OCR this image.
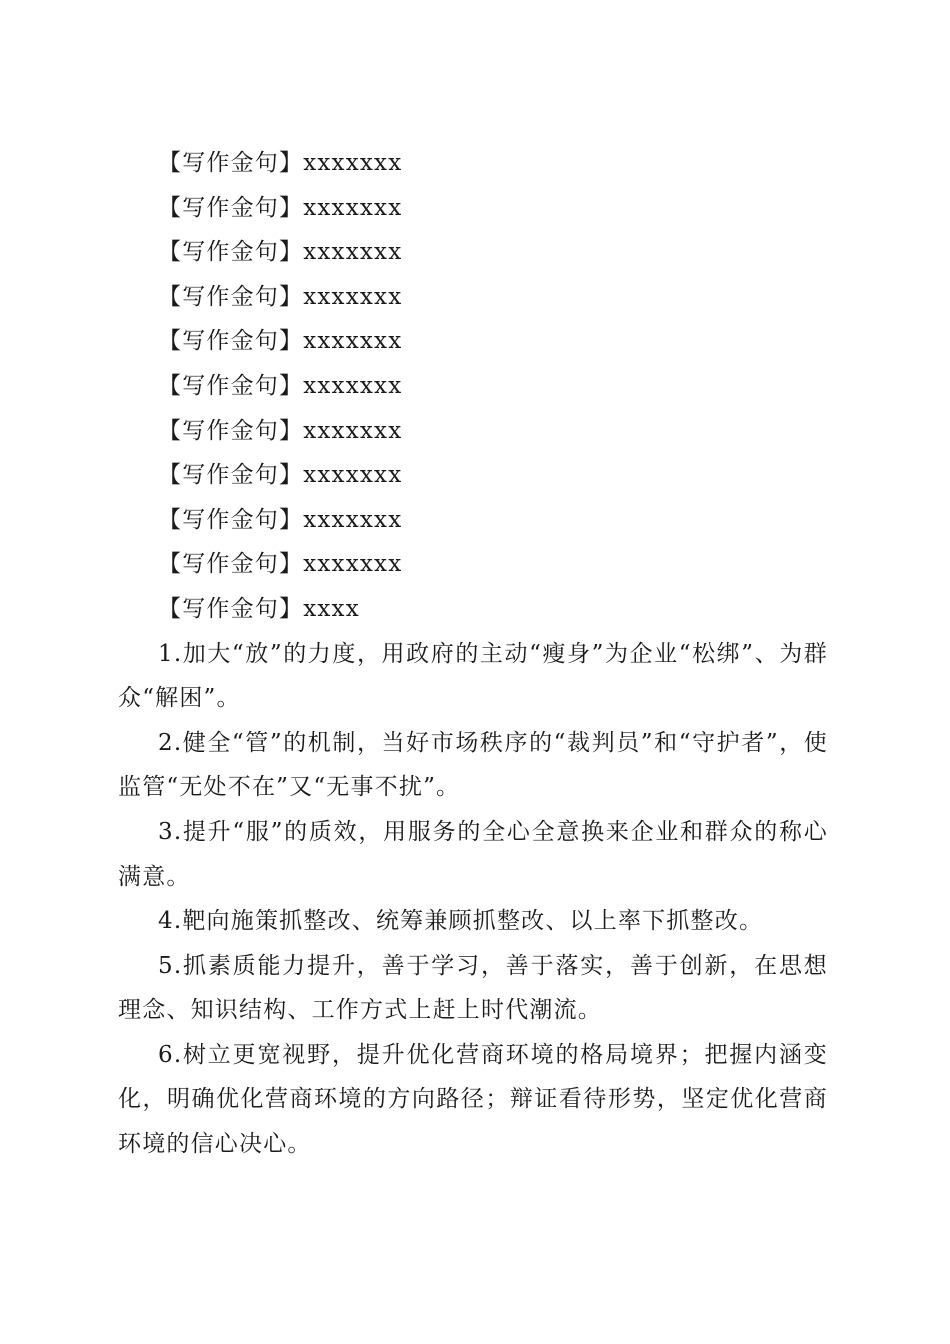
【写作金句】xxxxxxx

【写作金句】xxxxxxx

【写作金句】xxxxxxx

【写作金句】xxxxxxx

【写作金句】xxxxxxx

【写作金句】xxxxxxx

【写作金句】xxxxxxx

【写作金句】xxxxxxx

【写作金句】xxxxxxx

【写作金句】xxxxxxx

【写作金句】xxxx

1.加大“放”的力度，用政府的主动“瘦身”为企业“松绑”、为群众“解困”。

2.健全“管”的机制，当好市场秩序的“裁判员”和“守护者”，使监管“无处不在”又“无事不扰”。

3.提升“服”的质效，用服务的全心全意换来企业和群众的称心满意。

4.靶向施策抓整改、统筹兼顾抓整改、以上率下抓整改。

5.抓素质能力提升，善于学习，善于落实，善于创新，在思想理念、知识结构、工作方式上赶上时代潮流。

6.树立更宽视野，提升优化营商环境的格局境界；把握内涵变化，明确优化营商环境的方向路径；辩证看待形势，坚定优化营商环境的信心决心。
